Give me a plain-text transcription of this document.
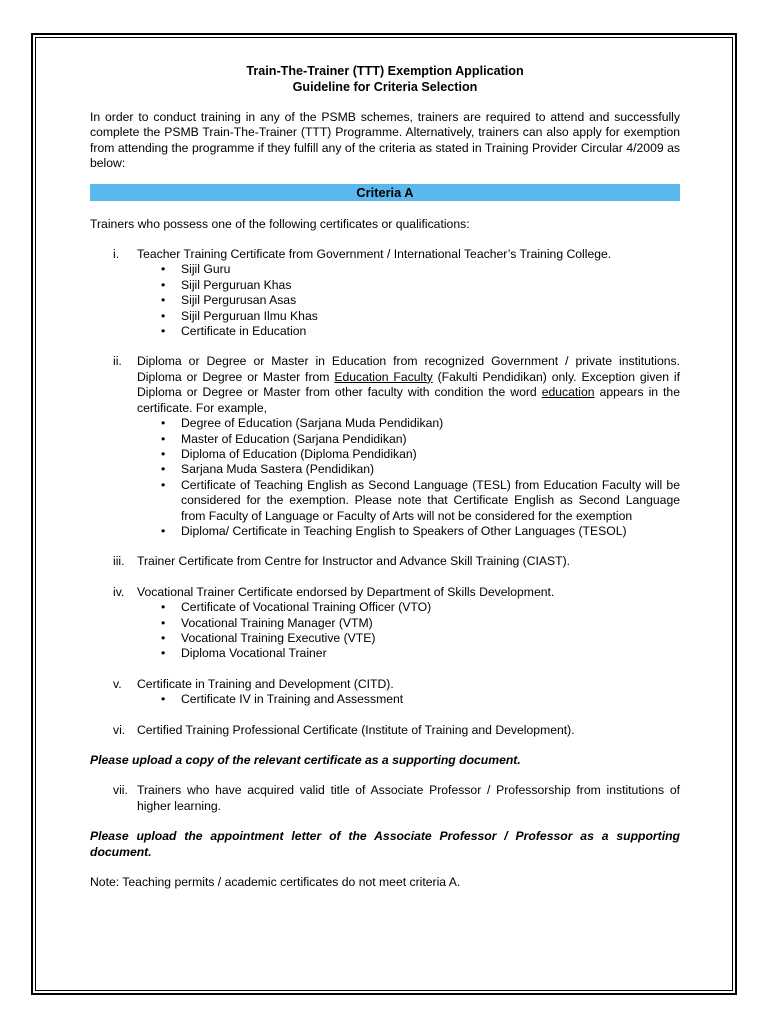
Train-The-Trainer (TTT) Exemption Application
Guideline for Criteria Selection
In order to conduct training in any of the PSMB schemes, trainers are required to attend and successfully complete the PSMB Train-The-Trainer (TTT) Programme. Alternatively, trainers can also apply for exemption from attending the programme if they fulfill any of the criteria as stated in Training Provider Circular 4/2009 as below:
Criteria A
Trainers who possess one of the following certificates or qualifications:
i.	Teacher Training Certificate from Government / International Teacher’s Training College.
• Sijil Guru
• Sijil Perguruan Khas
• Sijil Pergurusan Asas
• Sijil Perguruan Ilmu Khas
• Certificate in Education
ii.	Diploma or Degree or Master in Education from recognized Government / private institutions. Diploma or Degree or Master from Education Faculty (Fakulti Pendidikan) only. Exception given if Diploma or Degree or Master from other faculty with condition the word education appears in the certificate. For example,
• Degree of Education (Sarjana Muda Pendidikan)
• Master of Education (Sarjana Pendidikan)
• Diploma of Education (Diploma Pendidikan)
• Sarjana Muda Sastera (Pendidikan)
• Certificate of Teaching English as Second Language (TESL) from Education Faculty will be considered for the exemption. Please note that Certificate English as Second Language from Faculty of Language or Faculty of Arts will not be considered for the exemption
• Diploma/ Certificate in Teaching English to Speakers of Other Languages (TESOL)
iii.	Trainer Certificate from Centre for Instructor and Advance Skill Training (CIAST).
iv.	Vocational Trainer Certificate endorsed by Department of Skills Development.
• Certificate of Vocational Training Officer (VTO)
• Vocational Training Manager (VTM)
• Vocational Training Executive (VTE)
• Diploma Vocational Trainer
v.	Certificate in Training and Development (CITD).
• Certificate IV in Training and Assessment
vi. Certified Training Professional Certificate (Institute of Training and Development).
Please upload a copy of the relevant certificate as a supporting document.
vii. Trainers who have acquired valid title of Associate Professor / Professorship from institutions of higher learning.
Please upload the appointment letter of the Associate Professor / Professor as a supporting document.
Note: Teaching permits / academic certificates do not meet criteria A.
